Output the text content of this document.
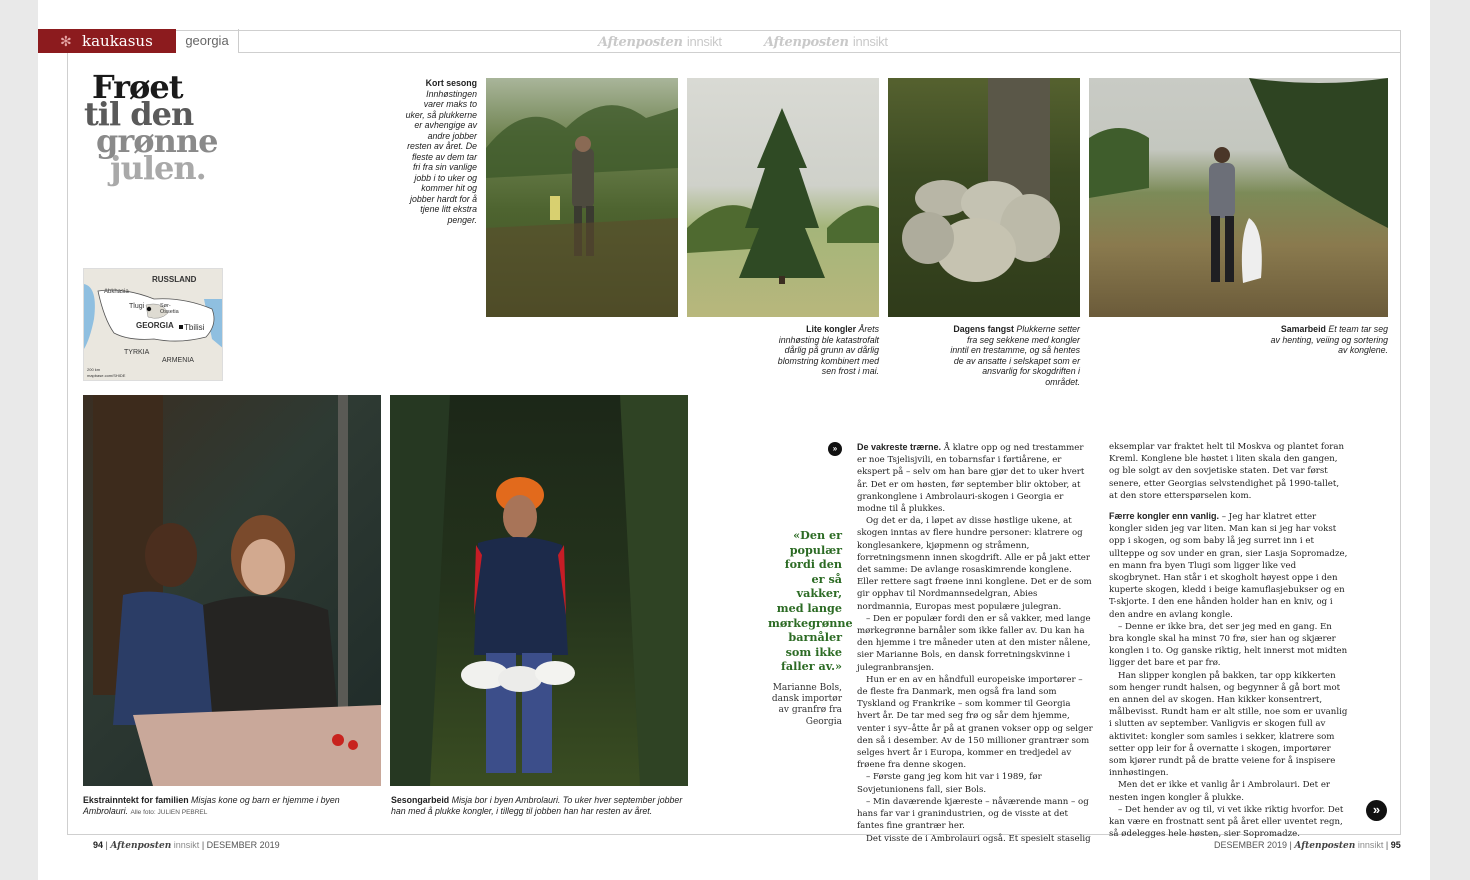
✻ kaukasus	georgia	Aftenposten innsikt	Aftenposten innsikt
Frøet
til den
grønne
julen.
Kort sesong
Innhøstingen varer maks to uker, så plukkerne er avhengige av andre jobber resten av året. De fleste av dem tar fri fra sin vanlige jobb i to uker og kommer hit og jobber hardt for å tjene litt ekstra penger.
Lite kongler Årets innhøsting ble katastrofalt dårlig på grunn av dårlig blomstring kombinert med sen frost i mai.
Dagens fangst Plukkerne setter fra seg sekkene med kongler inntil en trestamme, og så hentes de av ansatte i selskapet som er ansvarlig for skogdriften i området.
Samarbeid Et team tar seg av henting, veiing og sortering av konglene.
RUSSLAND
Abkhasia
Tlugi	Sør-Ossetia
GEORGIA Tbilisi
TYRKIA
ARMENIA
200 km
mapbase.com/SHIDE
Ekstrainntekt for familien Misjas kone og barn er hjemme i byen Ambrolauri. Alle foto: JULIEN PEBREL
Sesongarbeid Misja bor i byen Ambrolauri. To uker hver september jobber han med å plukke kongler, i tillegg til jobben han har resten av året.
«Den er populær fordi den er så vakker, med lange mørkegrønne barnåler som ikke faller av.»
Marianne Bols, dansk importør av granfrø fra Georgia
»	De vakreste trærne. Å klatre opp og ned trestammer er noe Tsjelisjvili, en tobarnsfar i førtiårene, er ekspert på – selv om han bare gjør det to uker hvert år. Det er om høsten, før september blir oktober, at grankonglene i Ambrolauri-skogen i Georgia er modne til å plukkes.

Og det er da, i løpet av disse høstlige ukene, at skogen inntas av flere hundre personer: klatrere og konglesankere, kjøpmenn og stråmenn, forretningsmenn innen skogdrift. Alle er på jakt etter det samme: De avlange rosaskimrende konglene. Eller rettere sagt frøene inni konglene. Det er de som gir opphav til Nordmannsedelgran, Abies nordmannia, Europas mest populære julegran.

– Den er populær fordi den er så vakker, med lange mørkegrønne barnåler som ikke faller av. Du kan ha den hjemme i tre måneder uten at den mister nålene, sier Marianne Bols, en dansk forretningskvinne i julegranbransjen.

Hun er en av en håndfull europeiske importører – de fleste fra Danmark, men også fra land som Tyskland og Frankrike – som kommer til Georgia hvert år. De tar med seg frø og sår dem hjemme, venter i syv–åtte år på at granen vokser opp og selger den så i desember. Av de 150 millioner grantrær som selges hvert år i Europa, kommer en tredjedel av frøene fra denne skogen.

– Første gang jeg kom hit var i 1989, før Sovjetunionens fall, sier Bols.

– Min daværende kjæreste – nåværende mann – og hans far var i granindustrien, og de visste at det fantes fine grantrær her.

Det visste de i Ambrolauri også. Et spesielt staselig

eksemplar var fraktet helt til Moskva og plantet foran Kreml. Konglene ble høstet i liten skala den gangen, og ble solgt av den sovjetiske staten. Det var først senere, etter Georgias selvstendighet på 1990-tallet, at den store etterspørselen kom.

Færre kongler enn vanlig. – Jeg har klatret etter kongler siden jeg var liten. Man kan si jeg har vokst opp i skogen, og som baby lå jeg surret inn i et ullteppe og sov under en gran, sier Lasja Sopromadze, en mann fra byen Tlugi som ligger like ved skogbrynet. Han står i et skogholt høyest oppe i den kuperte skogen, kledd i beige kamuflasjebukser og en T-skjorte. I den ene hånden holder han en kniv, og i den andre en avlang kongle.

– Denne er ikke bra, det ser jeg med en gang. En bra kongle skal ha minst 70 frø, sier han og skjærer konglen i to. Og ganske riktig, helt innerst mot midten ligger det bare et par frø.

Han slipper konglen på bakken, tar opp kikkerten som henger rundt halsen, og begynner å gå bort mot en annen del av skogen. Han kikker konsentrert, målbevisst. Rundt ham er alt stille, noe som er uvanlig i slutten av september. Vanligvis er skogen full av aktivitet: kongler som samles i sekker, klatrere som setter opp leir for å overnatte i skogen, importører som kjører rundt på de bratte veiene for å inspisere innhøstingen.

Men det er ikke et vanlig år i Ambrolauri. Det er nesten ingen kongler å plukke.

– Det hender av og til, vi vet ikke riktig hvorfor. Det kan være en frostnatt sent på året eller uventet regn, så ødelegges hele høsten, sier Sopromadze.

»
94 | Aftenposten innsikt | DESEMBER 2019	DESEMBER 2019 | Aftenposten innsikt | 95
